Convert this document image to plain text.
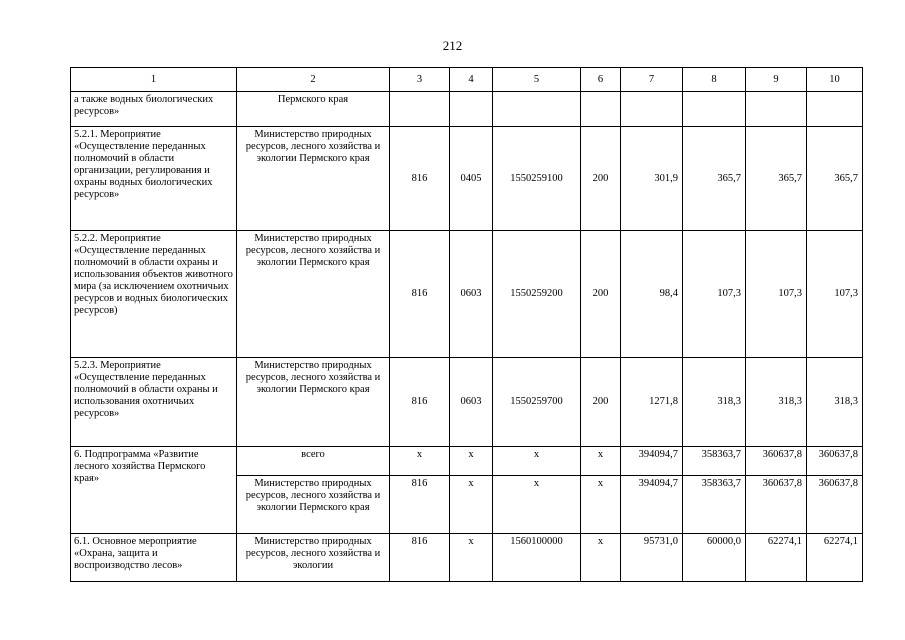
212
1	2	3	4	5	6	7	8	9	10
а также водных биологических ресурсов»	Пермского края								
5.2.1. Мероприятие «Осуществление переданных полномочий в области организации, регулирования и охраны водных биологических ресурсов»	Министерство природных ресурсов, лесного хозяйства и экологии Пермского края	816	0405	1550259100	200	301,9	365,7	365,7	365,7
5.2.2. Мероприятие «Осуществление переданных полномочий в области охраны и использования объектов животного мира (за исключением охотничьих ресурсов и водных биологических ресурсов)	Министерство природных ресурсов, лесного хозяйства и экологии Пермского края	816	0603	1550259200	200	98,4	107,3	107,3	107,3
5.2.3. Мероприятие «Осуществление переданных полномочий в области охраны и использования охотничьих ресурсов»	Министерство природных ресурсов, лесного хозяйства и экологии Пермского края	816	0603	1550259700	200	1271,8	318,3	318,3	318,3
6. Подпрограмма «Развитие лесного хозяйства Пермского края»	всего	х	х	х	х	394094,7	358363,7	360637,8	360637,8
	Министерство природных ресурсов, лесного хозяйства и экологии Пермского края	816	х	х	х	394094,7	358363,7	360637,8	360637,8
6.1. Основное мероприятие «Охрана, защита и воспроизводство лесов»	Министерство природных ресурсов, лесного хозяйства и экологии	816	х	1560100000	х	95731,0	60000,0	62274,1	62274,1
